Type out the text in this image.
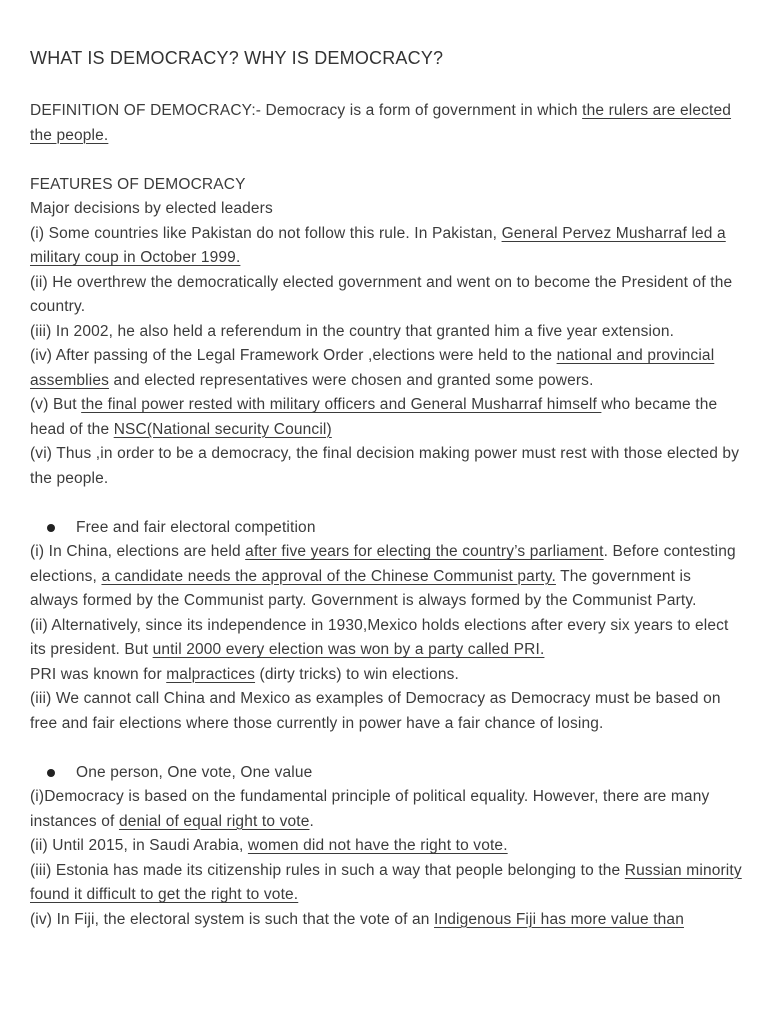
WHAT IS DEMOCRACY? WHY IS DEMOCRACY?

DEFINITION OF DEMOCRACY:- Democracy is a form of government in which the rulers are elected the people.

FEATURES OF DEMOCRACY

Major decisions by elected leaders

(i) Some countries like Pakistan do not follow this rule. In Pakistan, General Pervez Musharraf led a military coup in October 1999.

(ii) He overthrew the democratically elected government and went on to become the President of the country.

(iii) In 2002, he also held a referendum in the country that granted him a five year extension.

(iv) After passing of the Legal Framework Order ,elections were held to the national and provincial assemblies and elected representatives were chosen and granted some powers.

(v) But the final power rested with military officers and General Musharraf himself who became the head of the NSC(National security Council)

(vi) Thus ,in order to be a democracy, the final decision making power must rest with those elected by the people.

Free and fair electoral competition

(i) In China, elections are held after five years for electing the country’s parliament. Before contesting elections, a candidate needs the approval of the Chinese Communist party. The government is always formed by the Communist party. Government is always formed by the Communist Party.

(ii) Alternatively, since its independence in 1930,Mexico holds elections after every six years to elect its president. But until 2000 every election was won by a party called PRI.

PRI was known for malpractices (dirty tricks) to win elections.

(iii) We cannot call China and Mexico as examples of Democracy as Democracy must be based on free and fair elections where those currently in power have a fair chance of losing.

One person, One vote, One value

(i)Democracy is based on the fundamental principle of political equality. However, there are many instances of denial of equal right to vote.

(ii) Until 2015, in Saudi Arabia, women did not have the right to vote.

(iii) Estonia has made its citizenship rules in such a way that people belonging to the Russian minority found it difficult to get the right to vote.

(iv) In Fiji, the electoral system is such that the vote of an Indigenous Fiji has more value than
